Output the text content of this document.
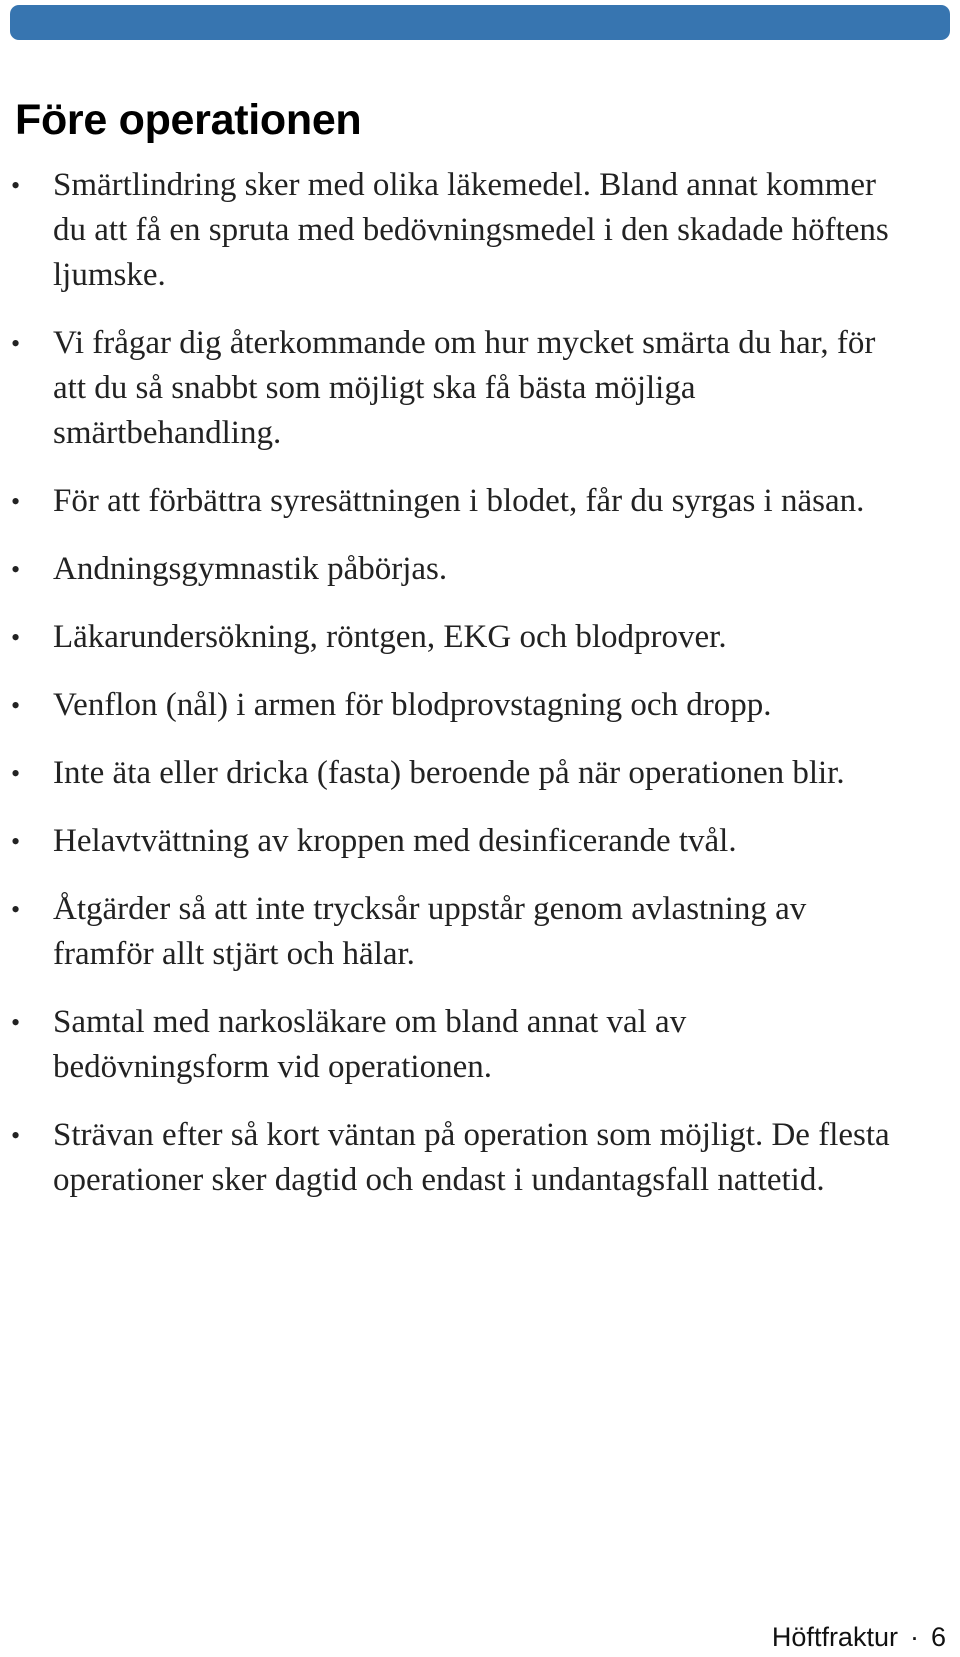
Före operationen
• Smärtlindring sker med olika läkemedel. Bland annat kommer du att få en spruta med bedövningsmedel i den skadade höftens ljumske.
• Vi frågar dig återkommande om hur mycket smärta du har, för att du så snabbt som möjligt ska få bästa möjliga smärtbehandling.
• För att förbättra syresättningen i blodet, får du syrgas i näsan.
• Andningsgymnastik påbörjas.
• Läkarundersökning, röntgen, EKG och blodprover.
• Venflon (nål) i armen för blodprovstagning och dropp.
• Inte äta eller dricka (fasta) beroende på när operationen blir.
• Helavtvättning av kroppen med desinficerande tvål.
• Åtgärder så att inte trycksår uppstår genom avlastning av framför allt stjärt och hälar.
• Samtal med narkosläkare om bland annat val av bedövningsform vid operationen.
• Strävan efter så kort väntan på operation som möjligt. De flesta operationer sker dagtid och endast i undantagsfall nattetid.
Höftfraktur · 6
